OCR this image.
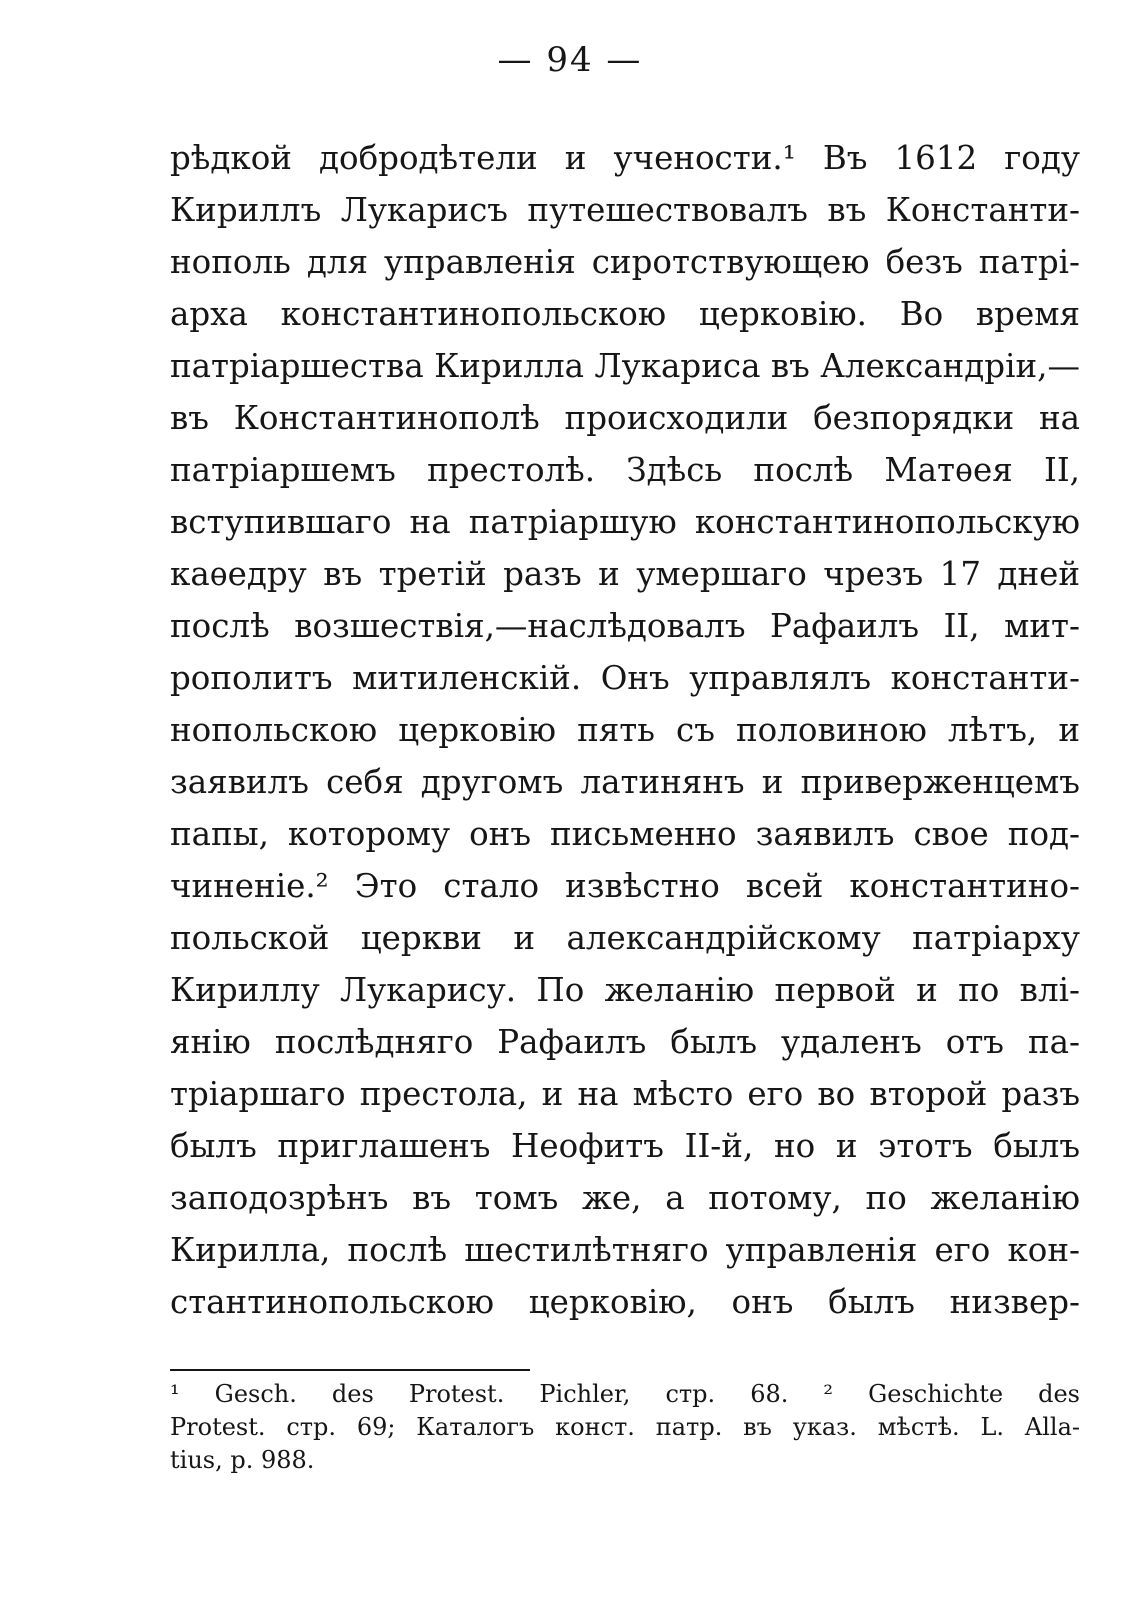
— 94 —
рѣдкой добродѣтели и учености.¹ Въ 1612 году
Кириллъ Лукарисъ путешествовалъ въ Константи-
нополь для управленія сиротствующею безъ патрі-
арха константинопольскою церковію. Во время
патріаршества Кирилла Лукариса въ Александріи,—
въ Константинополѣ происходили безпорядки на
патріаршемъ престолѣ. Здѣсь послѣ Матѳея II,
вступившаго на патріаршую константинопольскую
каѳедру въ третій разъ и умершаго чрезъ 17 дней
послѣ возшествія,—наслѣдовалъ Рафаилъ II, мит-
рополитъ митиленскій. Онъ управлялъ константи-
нопольскою церковію пять съ половиною лѣтъ, и
заявилъ себя другомъ латинянъ и приверженцемъ
папы, которому онъ письменно заявилъ свое под-
чиненіе.² Это стало извѣстно всей константино-
польской церкви и александрійскому патріарху
Кириллу Лукарису. По желанію первой и по влі-
янію послѣдняго Рафаилъ былъ удаленъ отъ па-
тріаршаго престола, и на мѣсто его во второй разъ
былъ приглашенъ Неофитъ II-й, но и этотъ былъ
заподозрѣнъ въ томъ же, а потому, по желанію
Кирилла, послѣ шестилѣтняго управленія его кон-
стантинопольскою церковію, онъ былъ низвер-
¹ Gesch. des Protest. Pichler, стр. 68. ² Geschichte des
Protest. стр. 69; Каталогъ конст. патр. въ указ. мѣстѣ. L. Alla-
tius, p. 988.
